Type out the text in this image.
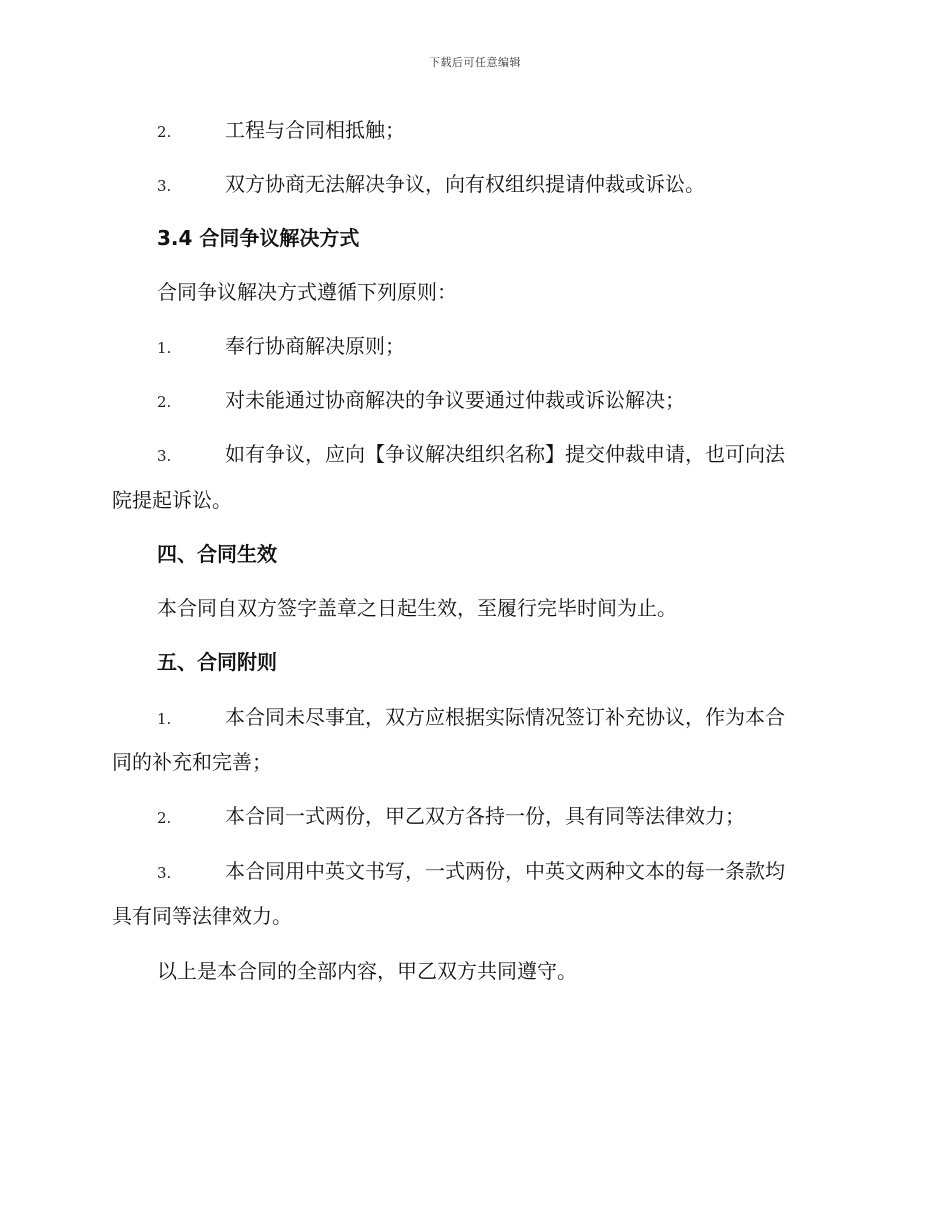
下载后可任意编辑
2.	工程与合同相抵触；
3.	双方协商无法解决争议，向有权组织提请仲裁或诉讼。
3.4 合同争议解决方式
合同争议解决方式遵循下列原则：
1.	奉行协商解决原则；
2.	对未能通过协商解决的争议要通过仲裁或诉讼解决；
3.	如有争议，应向【争议解决组织名称】提交仲裁申请，也可向法
院提起诉讼。
四、合同生效
本合同自双方签字盖章之日起生效，至履行完毕时间为止。
五、合同附则
1.	本合同未尽事宜，双方应根据实际情况签订补充协议，作为本合
同的补充和完善；
2.	本合同一式两份，甲乙双方各持一份，具有同等法律效力；
3.	本合同用中英文书写，一式两份，中英文两种文本的每一条款均
具有同等法律效力。
以上是本合同的全部内容，甲乙双方共同遵守。
